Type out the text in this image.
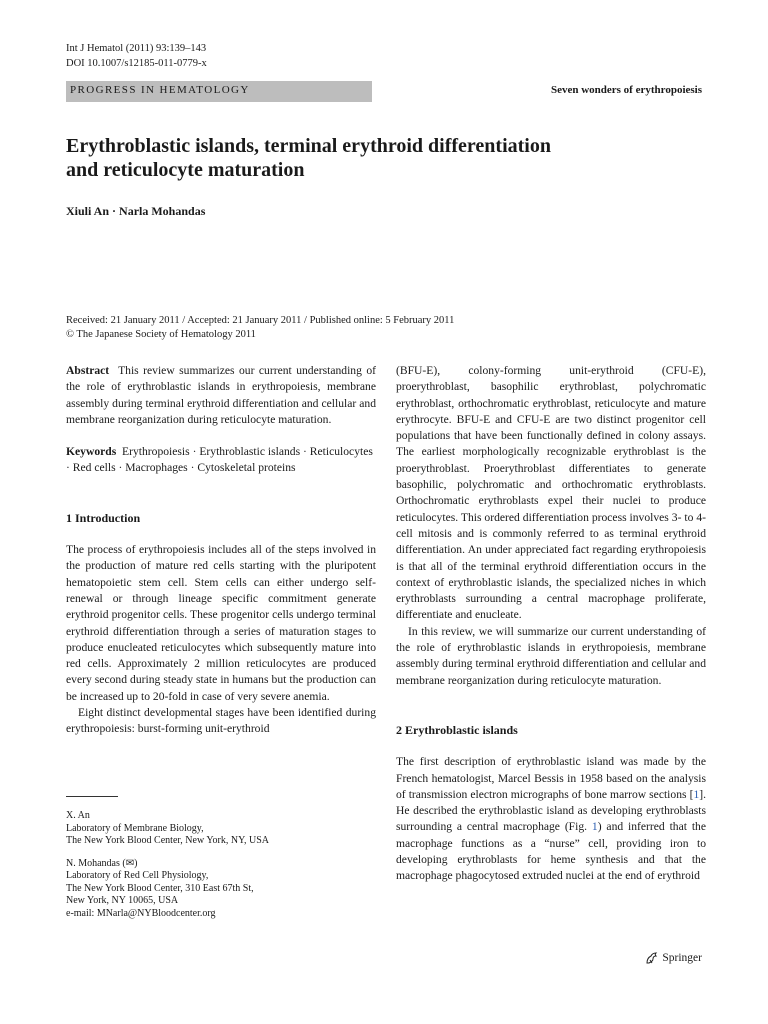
Int J Hematol (2011) 93:139–143
DOI 10.1007/s12185-011-0779-x
PROGRESS IN HEMATOLOGY	Seven wonders of erythropoiesis
Erythroblastic islands, terminal erythroid differentiation
and reticulocyte maturation
Xiuli An · Narla Mohandas
Received: 21 January 2011 / Accepted: 21 January 2011 / Published online: 5 February 2011
© The Japanese Society of Hematology 2011

Abstract This review summarizes our current understanding of the role of erythroblastic islands in erythropoiesis, membrane assembly during terminal erythroid differentiation and cellular and membrane reorganization during reticulocyte maturation.

Keywords Erythropoiesis · Erythroblastic islands · Reticulocytes · Red cells · Macrophages · Cytoskeletal proteins

1 Introduction

The process of erythropoiesis includes all of the steps involved in the production of mature red cells starting with the pluripotent hematopoietic stem cell. Stem cells can either undergo self-renewal or through lineage specific commitment generate erythroid progenitor cells. These progenitor cells undergo terminal erythroid differentiation through a series of maturation stages to produce enucleated reticulocytes which subsequently mature into red cells. Approximately 2 million reticulocytes are produced every second during steady state in humans but the production can be increased up to 20-fold in case of very severe anemia.

Eight distinct developmental stages have been identified during erythropoiesis: burst-forming unit-erythroid

X. An

Laboratory of Membrane Biology,

The New York Blood Center, New York, NY, USA

N. Mohandas (✉)

Laboratory of Red Cell Physiology,

The New York Blood Center, 310 East 67th St,

New York, NY 10065, USA

e-mail: MNarla@NYBloodcenter.org

(BFU-E), colony-forming unit-erythroid (CFU-E), proerythroblast, basophilic erythroblast, polychromatic erythroblast, orthochromatic erythroblast, reticulocyte and mature erythrocyte. BFU-E and CFU-E are two distinct progenitor cell populations that have been functionally defined in colony assays. The earliest morphologically recognizable erythroblast is the proerythroblast. Proerythroblast differentiates to generate basophilic, polychromatic and orthochromatic erythroblasts. Orthochromatic erythroblasts expel their nuclei to produce reticulocytes. This ordered differentiation process involves 3- to 4-cell mitosis and is commonly referred to as terminal erythroid differentiation. An under appreciated fact regarding erythropoiesis is that all of the terminal erythroid differentiation occurs in the context of erythroblastic islands, the specialized niches in which erythroblasts surrounding a central macrophage proliferate, differentiate and enucleate.

In this review, we will summarize our current understanding of the role of erythroblastic islands in erythropoiesis, membrane assembly during terminal erythroid differentiation and cellular and membrane reorganization during reticulocyte maturation.

2 Erythroblastic islands

The first description of erythroblastic island was made by the French hematologist, Marcel Bessis in 1958 based on the analysis of transmission electron micrographs of bone marrow sections [1]. He described the erythroblastic island as developing erythroblasts surrounding a central macrophage (Fig. 1) and inferred that the macrophage functions as a “nurse” cell, providing iron to developing erythroblasts for heme synthesis and that the macrophage phagocytosed extruded nuclei at the end of erythroid

Springer
